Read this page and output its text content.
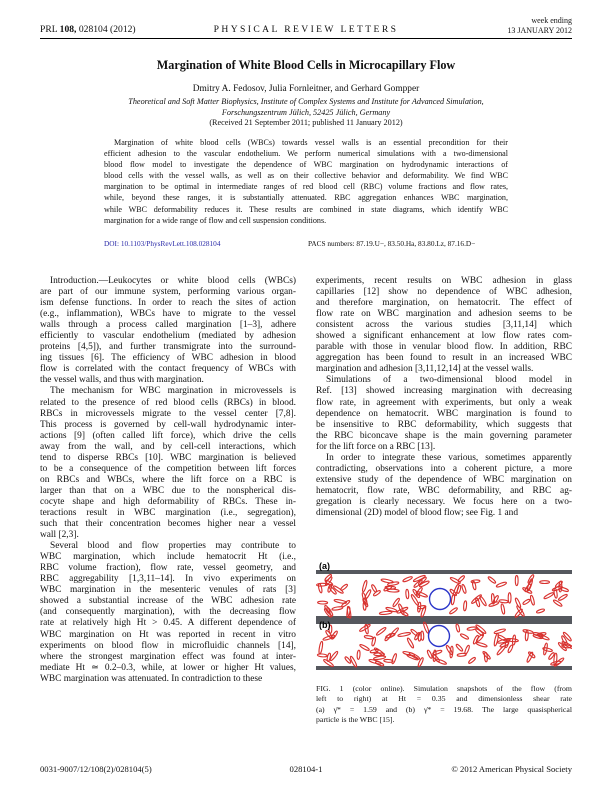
PRL 108, 028104 (2012)	PHYSICAL REVIEW LETTERS
week ending
13 JANUARY 2012
Margination of White Blood Cells in Microcapillary Flow
Dmitry A. Fedosov, Julia Fornleitner, and Gerhard Gompper
Theoretical and Soft Matter Biophysics, Institute of Complex Systems and Institute for Advanced Simulation,
Forschungszentrum Jülich, 52425 Jülich, Germany
(Received 21 September 2011; published 11 January 2012)
Margination of white blood cells (WBCs) towards vessel walls is an essential precondition for their
efficient adhesion to the vascular endothelium. We perform numerical simulations with a two-dimensional
blood flow model to investigate the dependence of WBC margination on hydrodynamic interactions of
blood cells with the vessel walls, as well as on their collective behavior and deformability. We find WBC
margination to be optimal in intermediate ranges of red blood cell (RBC) volume fractions and flow rates,
while, beyond these ranges, it is substantially attenuated. RBC aggregation enhances WBC margination,
while WBC deformability reduces it. These results are combined in state diagrams, which identify WBC
margination for a wide range of flow and cell suspension conditions.
DOI: 10.1103/PhysRevLett.108.028104	PACS numbers: 87.19.U−, 83.50.Ha, 83.80.Lz, 87.16.D−
Introduction.—Leukocytes or white blood cells (WBCs)
are part of our immune system, performing various organ-
ism defense functions. In order to reach the sites of action
(e.g., inflammation), WBCs have to migrate to the vessel
walls through a process called margination [1–3], adhere
efficiently to vascular endothelium (mediated by adhesion
proteins [4,5]), and further transmigrate into the surround-
ing tissues [6]. The efficiency of WBC adhesion in blood
flow is correlated with the contact frequency of WBCs with
the vessel walls, and thus with margination.
The mechanism for WBC margination in microvessels is
related to the presence of red blood cells (RBCs) in blood.
RBCs in microvessels migrate to the vessel center [7,8].
This process is governed by cell-wall hydrodynamic inter-
actions [9] (often called lift force), which drive the cells
away from the wall, and by cell-cell interactions, which
tend to disperse RBCs [10]. WBC margination is believed
to be a consequence of the competition between lift forces
on RBCs and WBCs, where the lift force on a RBC is
larger than that on a WBC due to the nonspherical dis-
cocyte shape and high deformability of RBCs. These in-
teractions result in WBC margination (i.e., segregation),
such that their concentration becomes higher near a vessel
wall [2,3].
Several blood and flow properties may contribute to
WBC margination, which include hematocrit Ht (i.e.,
RBC volume fraction), flow rate, vessel geometry, and
RBC aggregability [1,3,11–14]. In vivo experiments on
WBC margination in the mesenteric venules of rats [3]
showed a substantial increase of the WBC adhesion rate
(and consequently margination), with the decreasing flow
rate at relatively high Ht > 0.45. A different dependence of
WBC margination on Ht was reported in recent in vitro
experiments on blood flow in microfluidic channels [14],
where the strongest margination effect was found at inter-
mediate Ht ≃ 0.2–0.3, while, at lower or higher Ht values,
WBC margination was attenuated. In contradiction to these
experiments, recent results on WBC adhesion in glass
capillaries [12] show no dependence of WBC adhesion,
and therefore margination, on hematocrit. The effect of
flow rate on WBC margination and adhesion seems to be
consistent across the various studies [3,11,14] which
showed a significant enhancement at low flow rates com-
parable with those in venular blood flow. In addition, RBC
aggregation has been found to result in an increased WBC
margination and adhesion [3,11,12,14] at the vessel walls.
Simulations of a two-dimensional blood model in
Ref. [13] showed increasing margination with decreasing
flow rate, in agreement with experiments, but only a weak
dependence on hematocrit. WBC margination is found to
be insensitive to RBC deformability, which suggests that
the RBC biconcave shape is the main governing parameter
for the lift force on a RBC [13].
In order to integrate these various, sometimes apparently
contradicting, observations into a coherent picture, a more
extensive study of the dependence of WBC margination on
hematocrit, flow rate, WBC deformability, and RBC ag-
gregation is clearly necessary. We focus here on a two-
dimensional (2D) model of blood flow; see Fig. 1 and
(a)
(b)
FIG. 1 (color online). Simulation snapshots of the flow (from
left to right) at Ht = 0.35 and dimensionless shear rate
(a) γ̇* = 1.59 and (b) γ̇* = 19.68. The large quasispherical
particle is the WBC [15].
0031-9007/12/108(2)/028104(5)	028104-1	© 2012 American Physical Society
